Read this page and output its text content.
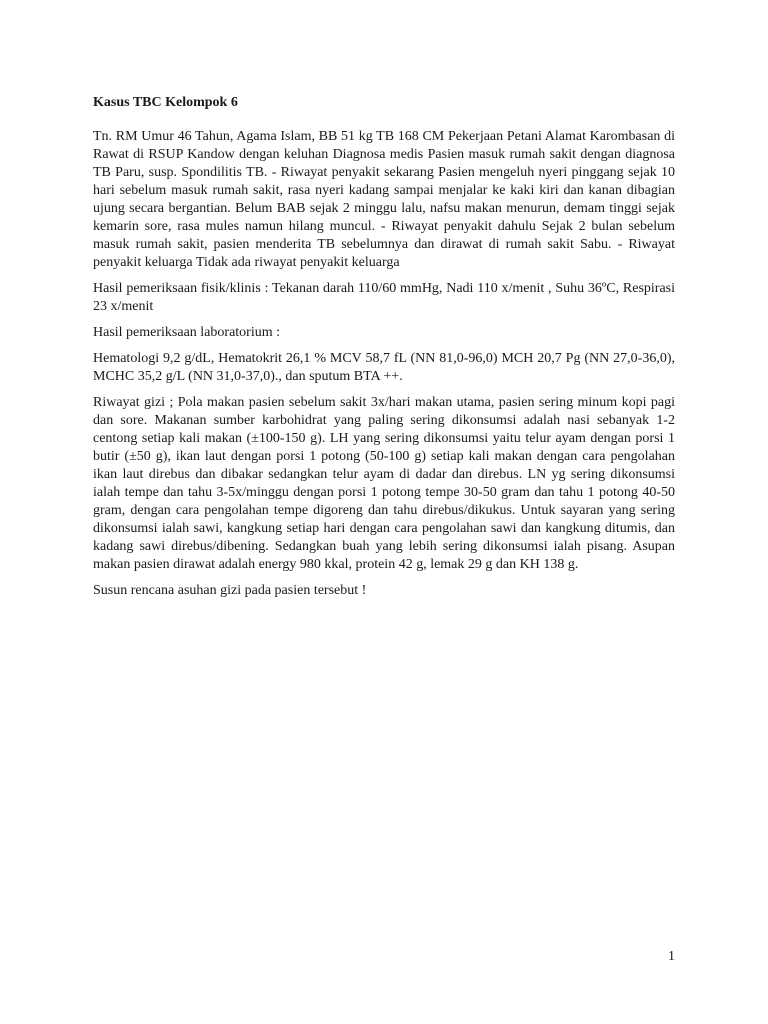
Kasus TBC Kelompok 6

Tn. RM Umur 46 Tahun, Agama Islam, BB 51 kg TB 168 CM Pekerjaan Petani Alamat Karombasan di Rawat di RSUP Kandow dengan keluhan Diagnosa medis Pasien masuk rumah sakit dengan diagnosa TB Paru, susp. Spondilitis TB. - Riwayat penyakit sekarang Pasien mengeluh nyeri pinggang sejak 10 hari sebelum masuk rumah sakit, rasa nyeri kadang sampai menjalar ke kaki kiri dan kanan dibagian ujung secara bergantian. Belum BAB sejak 2 minggu lalu, nafsu makan menurun, demam tinggi sejak kemarin sore, rasa mules namun hilang muncul. - Riwayat penyakit dahulu Sejak 2 bulan sebelum masuk rumah sakit, pasien menderita TB sebelumnya dan dirawat di rumah sakit Sabu. - Riwayat penyakit keluarga Tidak ada riwayat penyakit keluarga

Hasil pemeriksaan fisik/klinis : Tekanan darah 110/60 mmHg, Nadi 110 x/menit , Suhu 36ºC, Respirasi 23 x/menit

Hasil pemeriksaan laboratorium :

Hematologi 9,2 g/dL, Hematokrit 26,1 % MCV 58,7 fL (NN 81,0-96,0) MCH 20,7 Pg (NN 27,0-36,0), MCHC 35,2 g/L (NN 31,0-37,0)., dan sputum BTA ++.

Riwayat gizi ; Pola makan pasien sebelum sakit 3x/hari makan utama, pasien sering minum kopi pagi dan sore. Makanan sumber karbohidrat yang paling sering dikonsumsi adalah nasi sebanyak 1-2 centong setiap kali makan (±100-150 g). LH yang sering dikonsumsi yaitu telur ayam dengan porsi 1 butir (±50 g), ikan laut dengan porsi 1 potong (50-100 g) setiap kali makan dengan cara pengolahan ikan laut direbus dan dibakar sedangkan telur ayam di dadar dan direbus. LN yg sering dikonsumsi ialah tempe dan tahu 3-5x/minggu dengan porsi 1 potong tempe 30-50 gram dan tahu 1 potong 40-50 gram, dengan cara pengolahan tempe digoreng dan tahu direbus/dikukus. Untuk sayaran yang sering dikonsumsi ialah sawi, kangkung setiap hari dengan cara pengolahan sawi dan kangkung ditumis, dan kadang sawi direbus/dibening. Sedangkan buah yang lebih sering dikonsumsi ialah pisang. Asupan makan pasien dirawat adalah energy 980 kkal, protein 42 g, lemak 29 g dan KH 138 g.

Susun rencana asuhan gizi pada pasien tersebut !

1
